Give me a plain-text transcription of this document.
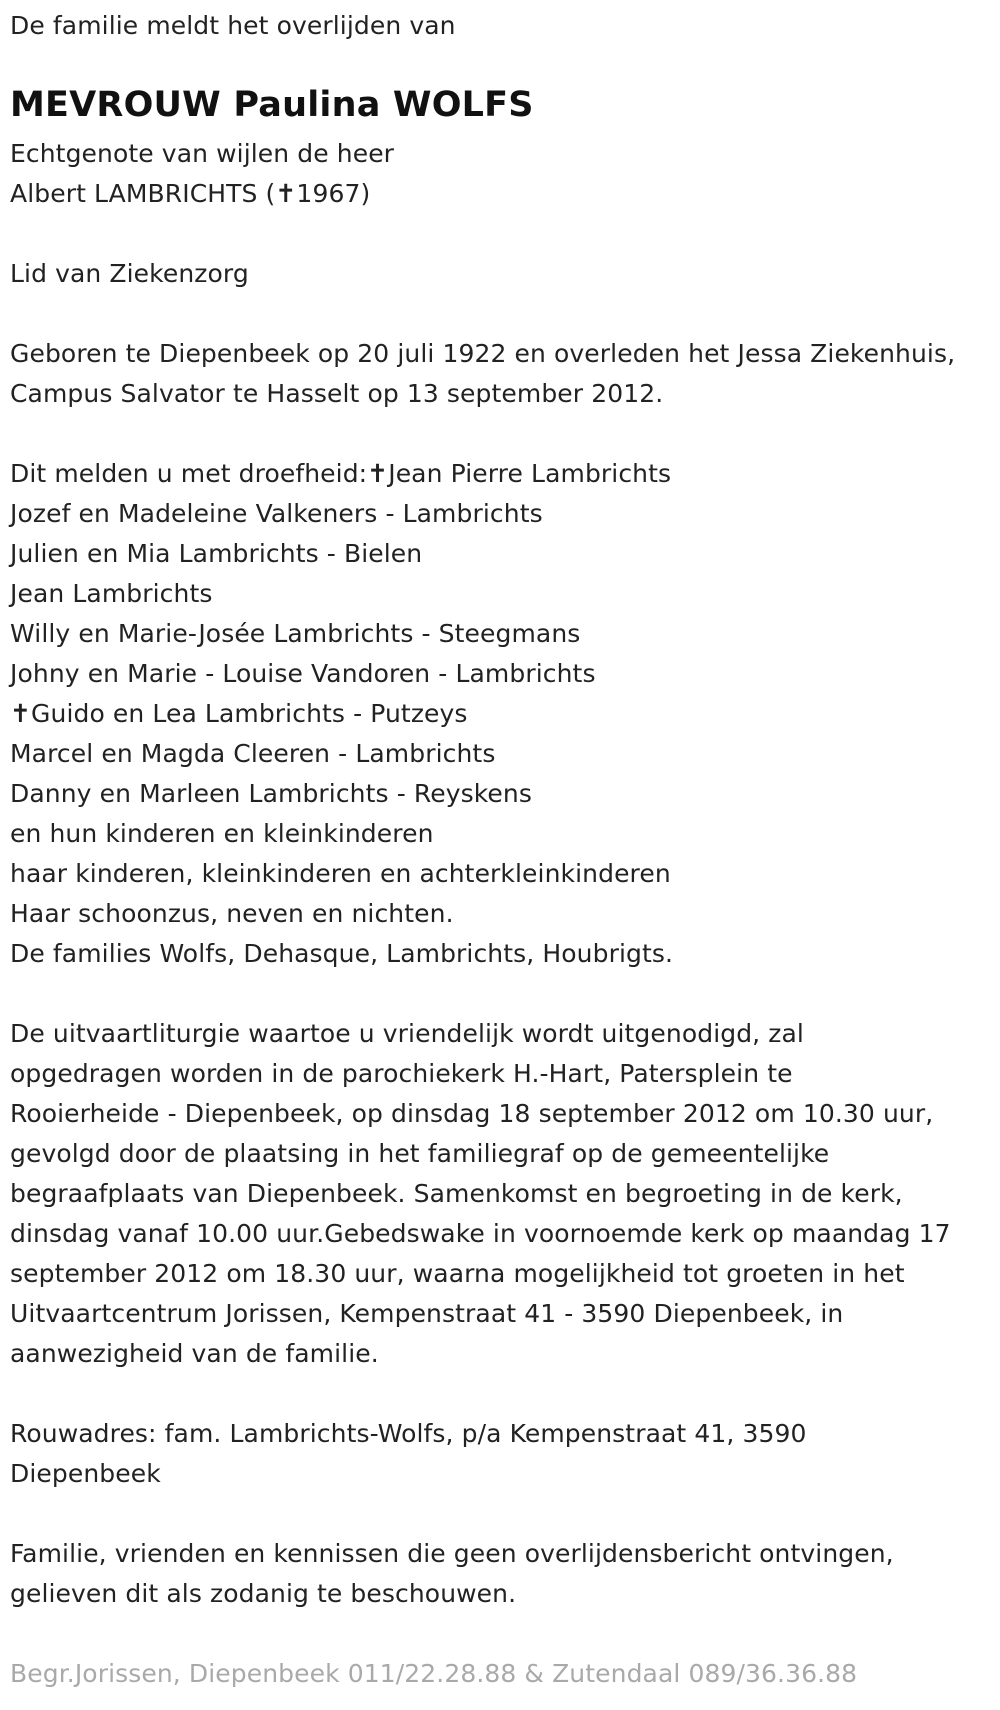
De familie meldt het overlijden van
MEVROUW Paulina WOLFS
Echtgenote van wijlen de heer
Albert LAMBRICHTS (✝1967)
Lid van Ziekenzorg
Geboren te Diepenbeek op 20 juli 1922 en overleden het Jessa Ziekenhuis,
Campus Salvator te Hasselt op 13 september 2012.
Dit melden u met droefheid:✝Jean Pierre Lambrichts
Jozef en Madeleine Valkeners - Lambrichts
Julien en Mia Lambrichts - Bielen
Jean Lambrichts
Willy en Marie-Josée Lambrichts - Steegmans
Johny en Marie - Louise Vandoren - Lambrichts
✝Guido en Lea Lambrichts - Putzeys
Marcel en Magda Cleeren - Lambrichts
Danny en Marleen Lambrichts - Reyskens
en hun kinderen en kleinkinderen
haar kinderen, kleinkinderen en achterkleinkinderen
Haar schoonzus, neven en nichten.
De families Wolfs, Dehasque, Lambrichts, Houbrigts.
De uitvaartliturgie waartoe u vriendelijk wordt uitgenodigd, zal
opgedragen worden in de parochiekerk H.-Hart, Patersplein te
Rooierheide - Diepenbeek, op dinsdag 18 september 2012 om 10.30 uur,
gevolgd door de plaatsing in het familiegraf op de gemeentelijke
begraafplaats van Diepenbeek. Samenkomst en begroeting in de kerk,
dinsdag vanaf 10.00 uur.Gebedswake in voornoemde kerk op maandag 17
september 2012 om 18.30 uur, waarna mogelijkheid tot groeten in het
Uitvaartcentrum Jorissen, Kempenstraat 41 - 3590 Diepenbeek, in
aanwezigheid van de familie.
Rouwadres: fam. Lambrichts-Wolfs, p/a Kempenstraat 41, 3590
Diepenbeek
Familie, vrienden en kennissen die geen overlijdensbericht ontvingen,
gelieven dit als zodanig te beschouwen.
Begr.Jorissen, Diepenbeek 011/22.28.88 & Zutendaal 089/36.36.88
